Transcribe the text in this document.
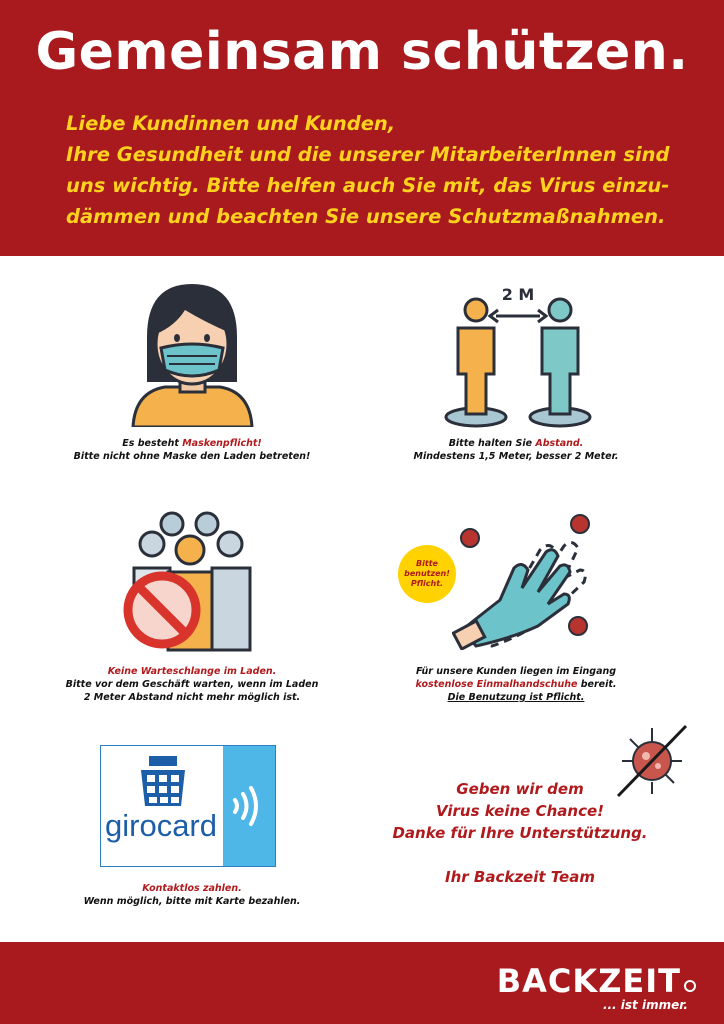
Gemeinsam schützen.
Liebe Kundinnen und Kunden,
Ihre Gesundheit und die unserer MitarbeiterInnen sind
uns wichtig. Bitte helfen auch Sie mit, das Virus einzu-
dämmen und beachten Sie unsere Schutzmaßnahmen.
Es besteht Maskenpflicht!
Bitte nicht ohne Maske den Laden betreten!
2 M
Bitte halten Sie Abstand.
Mindestens 1,5 Meter, besser 2 Meter.
Keine Warteschlange im Laden.
Bitte vor dem Geschäft warten, wenn im Laden
2 Meter Abstand nicht mehr möglich ist.
Bitte
benutzen!
Pflicht.
Für unsere Kunden liegen im Eingang
kostenlose Einmalhandschuhe bereit.
Die Benutzung ist Pflicht.
girocard
Kontaktlos zahlen.
Wenn möglich, bitte mit Karte bezahlen.
Geben wir dem
Virus keine Chance!
Danke für Ihre Unterstützung.
Ihr Backzeit Team
BACKZEIT
... ist immer.
